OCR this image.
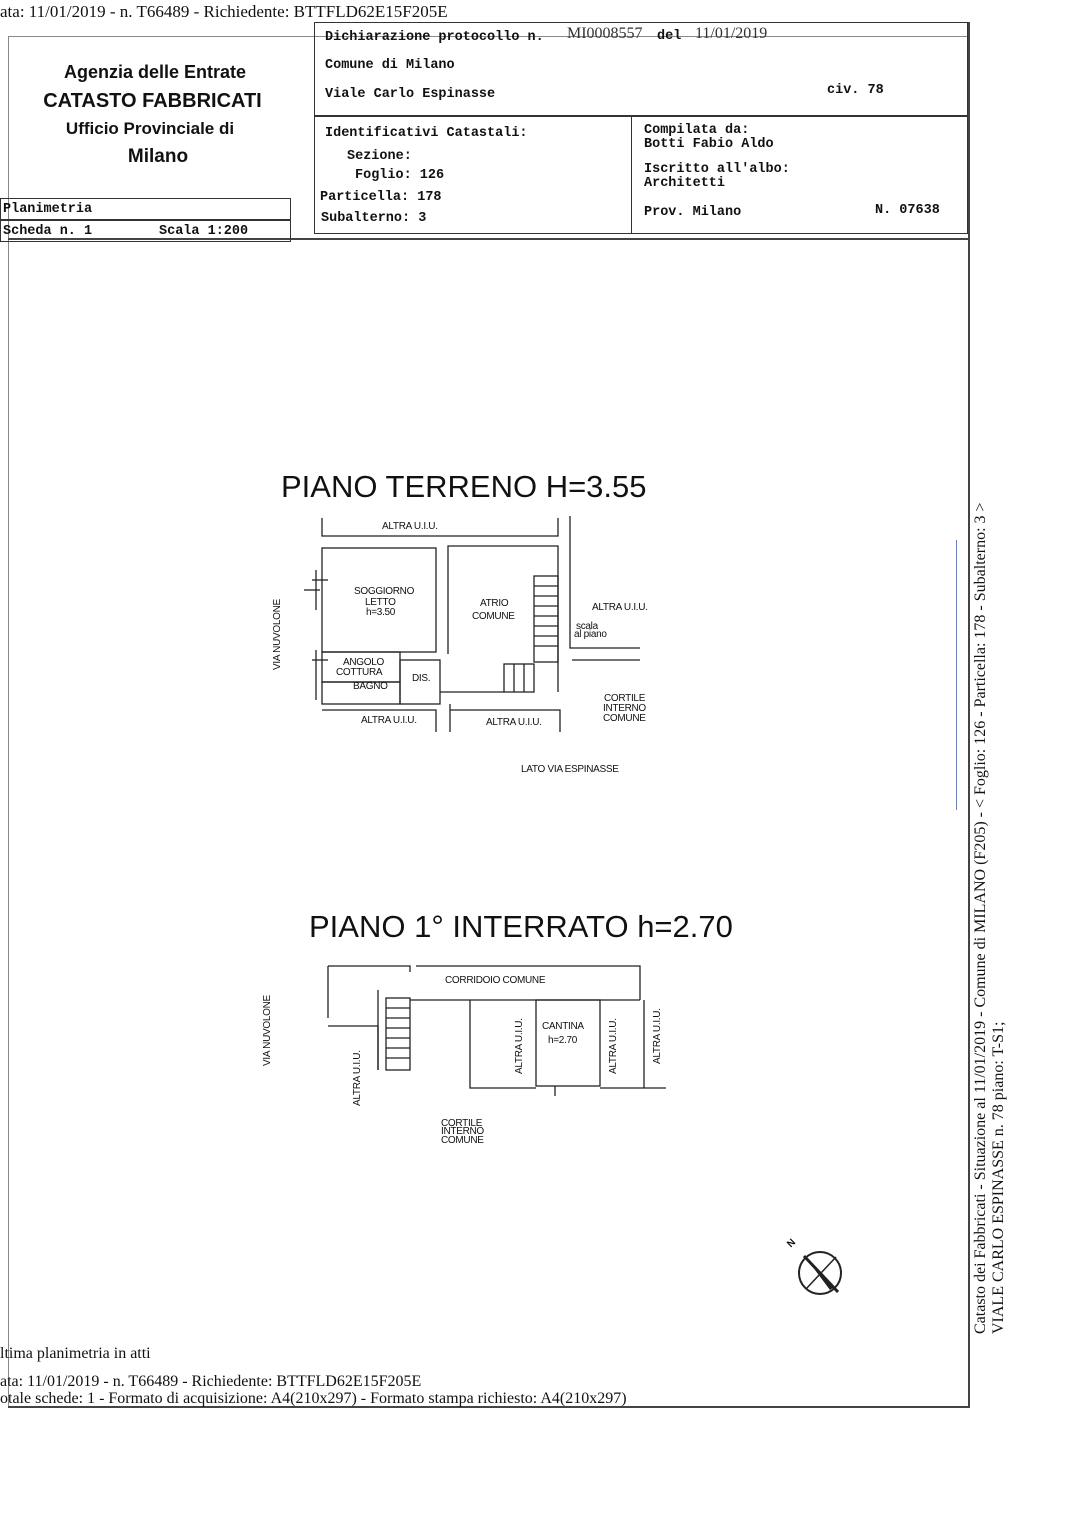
ata: 11/01/2019 - n. T66489 - Richiedente: BTTFLD62E15F205E
Agenzia delle Entrate
CATASTO FABBRICATI
Ufficio Provinciale di
Milano
Planimetria
Scheda n. 1	Scala 1:200
Dichiarazione protocollo n. MI0008557 del 11/01/2019
Comune di Milano
Viale Carlo Espinasse	civ. 78
Identificativi Catastali:
Sezione:
Foglio: 126
Particella: 178
Subalterno: 3
Compilata da:
Botti Fabio Aldo
Iscritto all'albo:
Architetti
Prov. Milano	N. 07638
PIANO TERRENO H=3.55
ALTRA U.I.U.
SOGGIORNO
LETTO
h=3.50
ATRIO
COMUNE
ALTRA U.I.U.
scala
al piano
ANGOLO
COTTURA
BAGNO
DIS.
ALTRA U.I.U.	ALTRA U.I.U.
CORTILE
INTERNO
COMUNE
VIA NUVOLONE
LATO VIA ESPINASSE
PIANO 1° INTERRATO h=2.70
CORRIDOIO COMUNE
CANTINA
h=2.70
ALTRA U.I.U.
ALTRA U.I.U.	ALTRA U.I.U.	ALTRA U.I.U.
VIA NUVOLONE
CORTILE
INTERNO
COMUNE
N	Catasto dei Fabbricati - Situazione al 11/01/2019 - Comune di MILANO (F205) - < Foglio: 126 - Particella: 178 - Subalterno: 3 > VIALE CARLO ESPINASSE n. 78 piano: T-S1;
ltima planimetria in atti
ata: 11/01/2019 - n. T66489 - Richiedente: BTTFLD62E15F205E
otale schede: 1 - Formato di acquisizione: A4(210x297) - Formato stampa richiesto: A4(210x297)
